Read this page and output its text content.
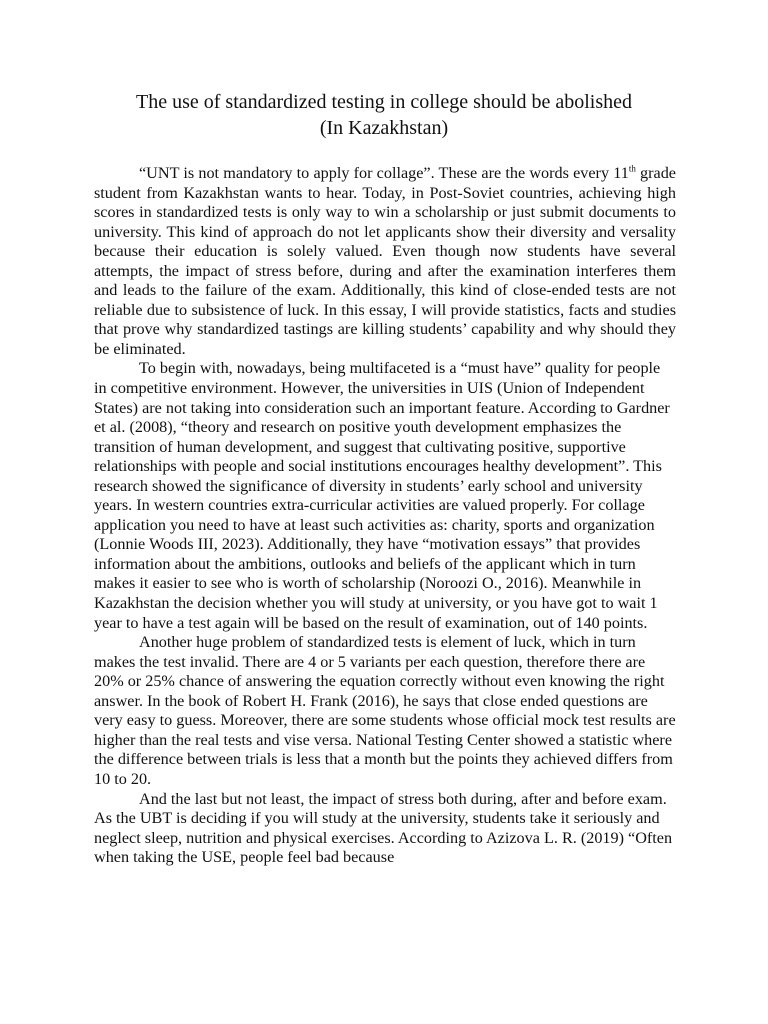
The use of standardized testing in college should be abolished
(In Kazakhstan)

“UNT is not mandatory to apply for collage”. These are the words every 11th grade student from Kazakhstan wants to hear. Today, in Post-Soviet countries, achieving high scores in standardized tests is only way to win a scholarship or just submit documents to university. This kind of approach do not let applicants show their diversity and versality because their education is solely valued. Even though now students have several attempts, the impact of stress before, during and after the examination interferes them and leads to the failure of the exam. Additionally, this kind of close-ended tests are not reliable due to subsistence of luck. In this essay, I will provide statistics, facts and studies that prove why standardized tastings are killing students’ capability and why should they be eliminated.

To begin with, nowadays, being multifaceted is a “must have” quality for people in competitive environment. However, the universities in UIS (Union of Independent States) are not taking into consideration such an important feature. According to Gardner et al. (2008), “theory and research on positive youth development emphasizes the transition of human development, and suggest that cultivating positive, supportive relationships with people and social institutions encourages healthy development”. This research showed the significance of diversity in students’ early school and university years. In western countries extra-curricular activities are valued properly. For collage application you need to have at least such activities as: charity, sports and organization (Lonnie Woods III, 2023). Additionally, they have “motivation essays” that provides information about the ambitions, outlooks and beliefs of the applicant which in turn makes it easier to see who is worth of scholarship (Noroozi O., 2016). Meanwhile in Kazakhstan the decision whether you will study at university, or you have got to wait 1 year to have a test again will be based on the result of examination, out of 140 points.

Another huge problem of standardized tests is element of luck, which in turn makes the test invalid. There are 4 or 5 variants per each question, therefore there are 20% or 25% chance of answering the equation correctly without even knowing the right answer. In the book of Robert H. Frank (2016), he says that close ended questions are very easy to guess. Moreover, there are some students whose official mock test results are higher than the real tests and vise versa. National Testing Center showed a statistic where the difference between trials is less that a month but the points they achieved differs from 10 to 20.

And the last but not least, the impact of stress both during, after and before exam. As the UBT is deciding if you will study at the university, students take it seriously and neglect sleep, nutrition and physical exercises. According to Azizova L. R. (2019) “Often when taking the USE, people feel bad because
